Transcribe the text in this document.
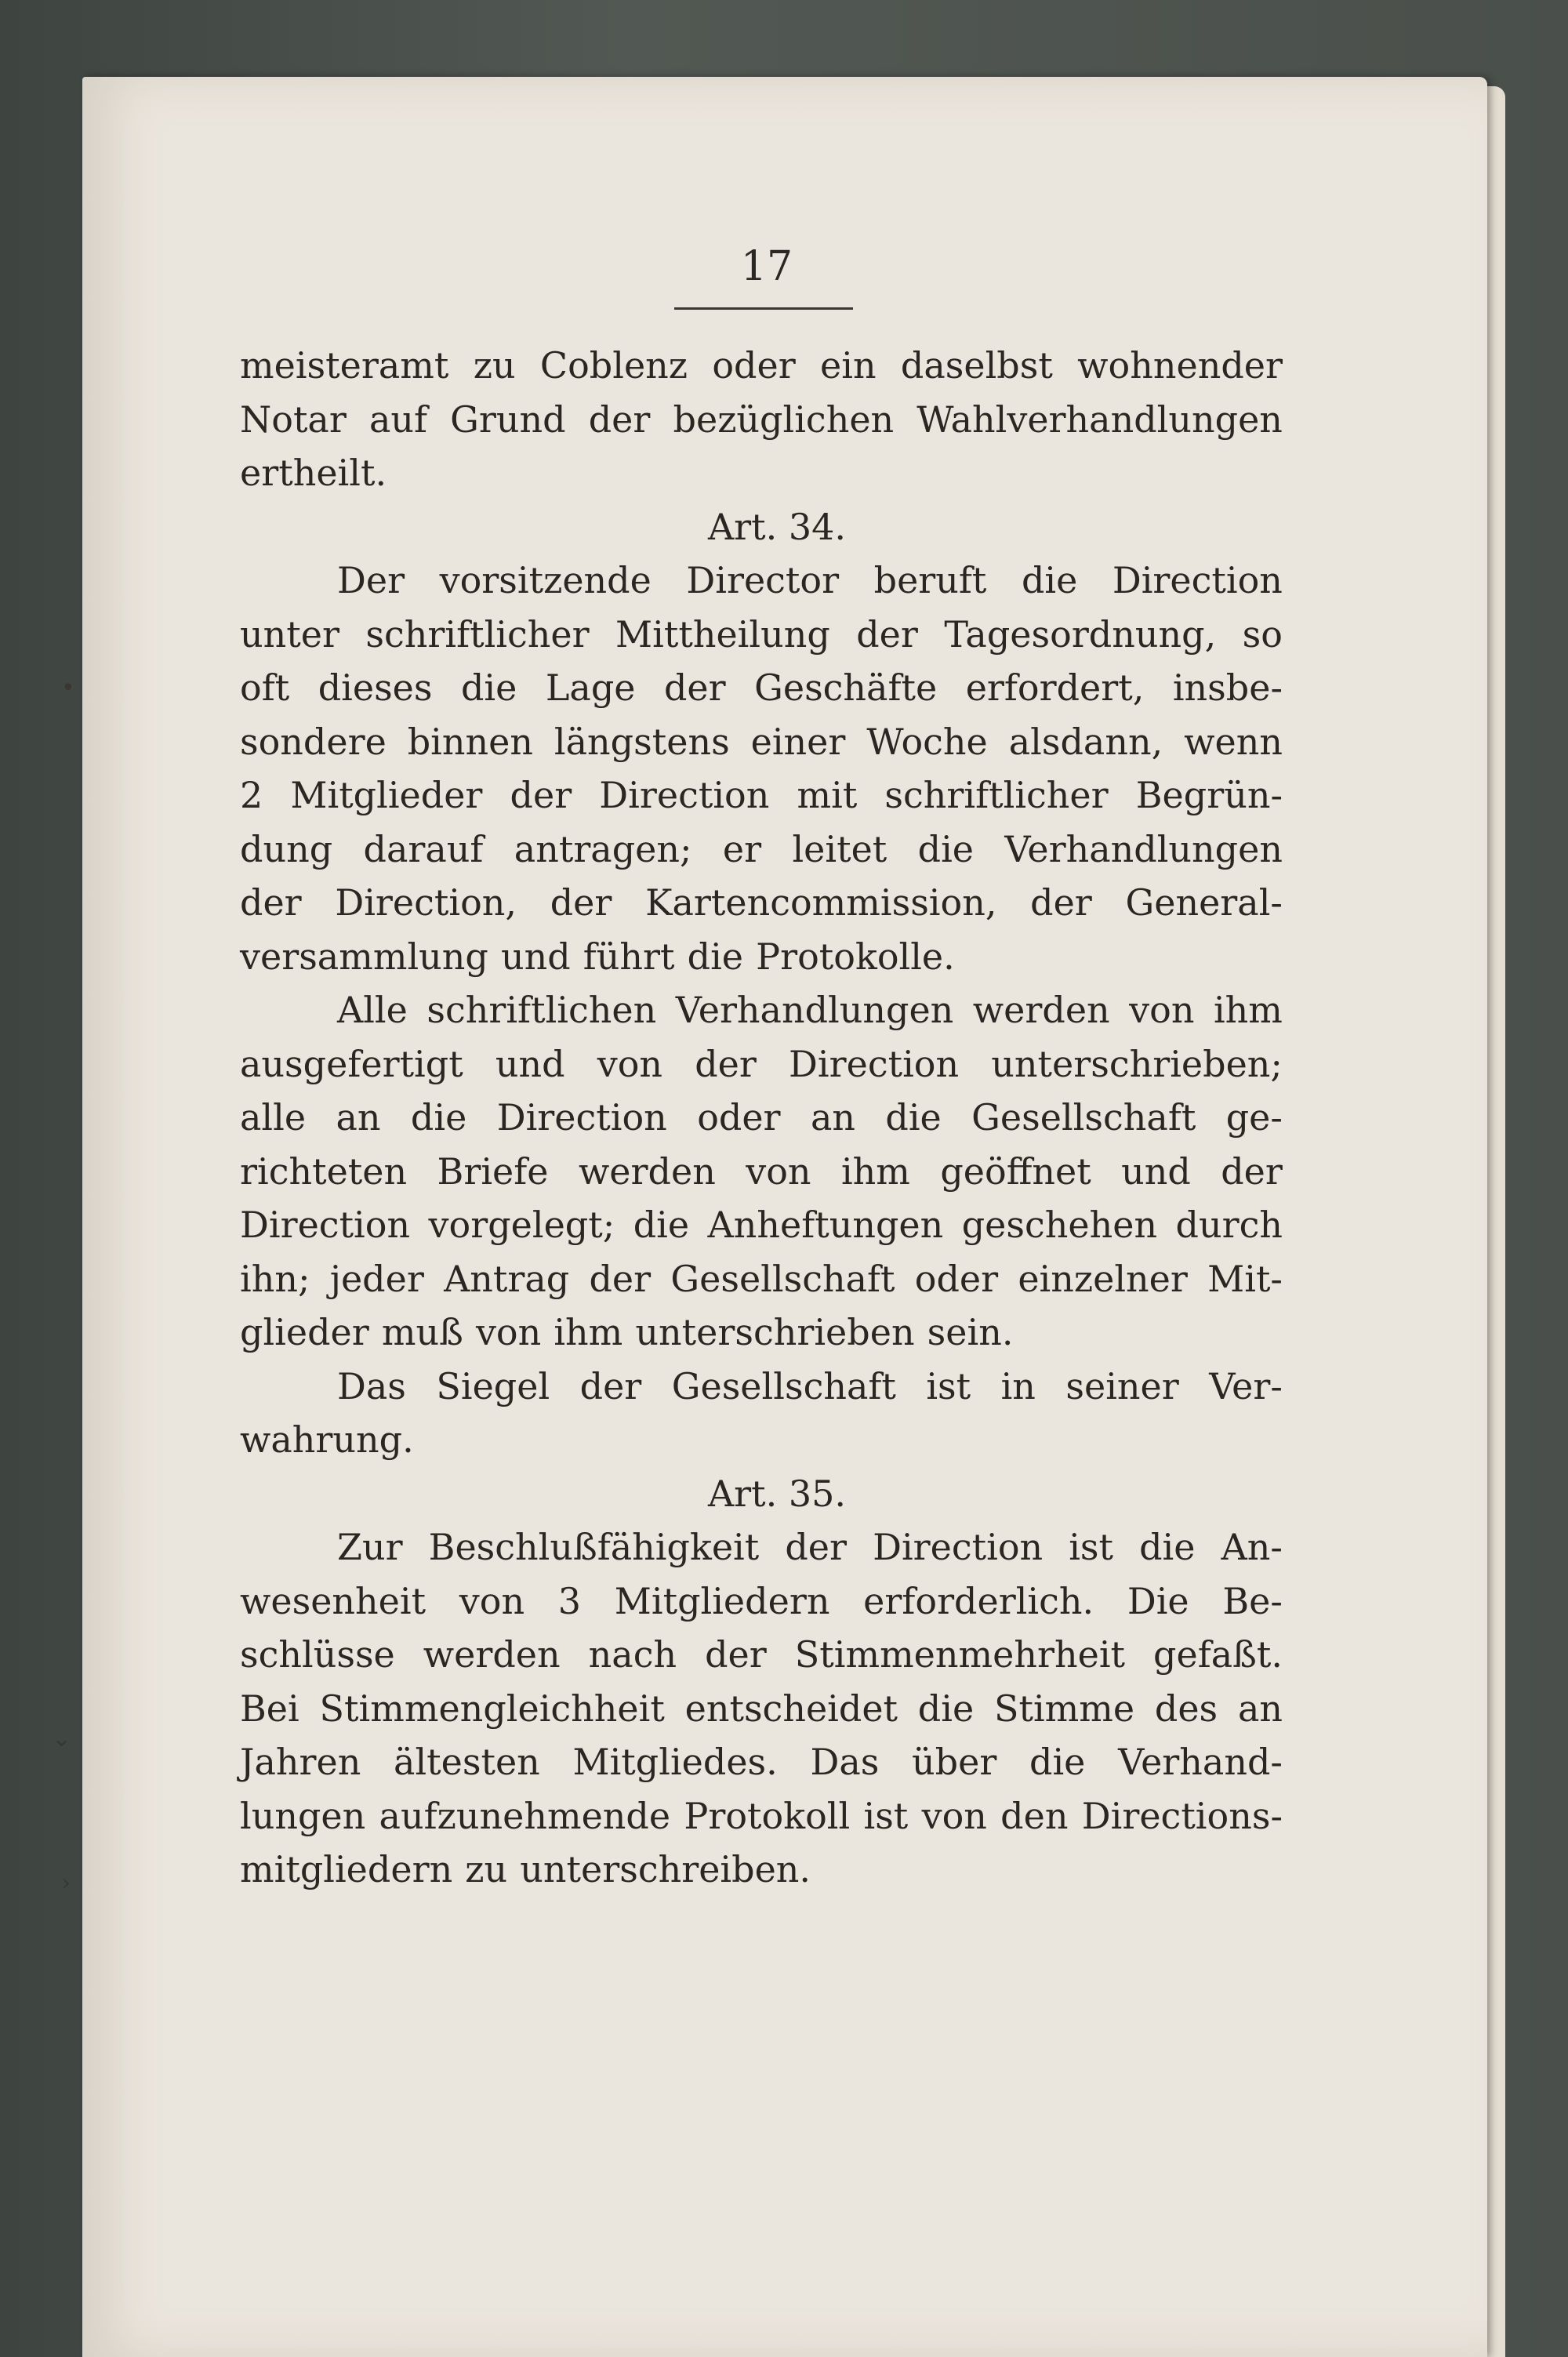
17
•
⌄
›
meisteramt zu Coblenz oder ein daselbst wohnender
Notar auf Grund der bezüglichen Wahlverhandlungen
ertheilt.
Art. 34.
Der vorsitzende Director beruft die Direction
unter schriftlicher Mittheilung der Tagesordnung, so
oft dieses die Lage der Geschäfte erfordert, insbe-
sondere binnen längstens einer Woche alsdann, wenn
2 Mitglieder der Direction mit schriftlicher Begrün-
dung darauf antragen; er leitet die Verhandlungen
der Direction, der Kartencommission, der General-
versammlung und führt die Protokolle.
Alle schriftlichen Verhandlungen werden von ihm
ausgefertigt und von der Direction unterschrieben;
alle an die Direction oder an die Gesellschaft ge-
richteten Briefe werden von ihm geöffnet und der
Direction vorgelegt; die Anheftungen geschehen durch
ihn; jeder Antrag der Gesellschaft oder einzelner Mit-
glieder muß von ihm unterschrieben sein.
Das Siegel der Gesellschaft ist in seiner Ver-
wahrung.
Art. 35.
Zur Beschlußfähigkeit der Direction ist die An-
wesenheit von 3 Mitgliedern erforderlich. Die Be-
schlüsse werden nach der Stimmenmehrheit gefaßt.
Bei Stimmengleichheit entscheidet die Stimme des an
Jahren ältesten Mitgliedes. Das über die Verhand-
lungen aufzunehmende Protokoll ist von den Directions-
mitgliedern zu unterschreiben.
